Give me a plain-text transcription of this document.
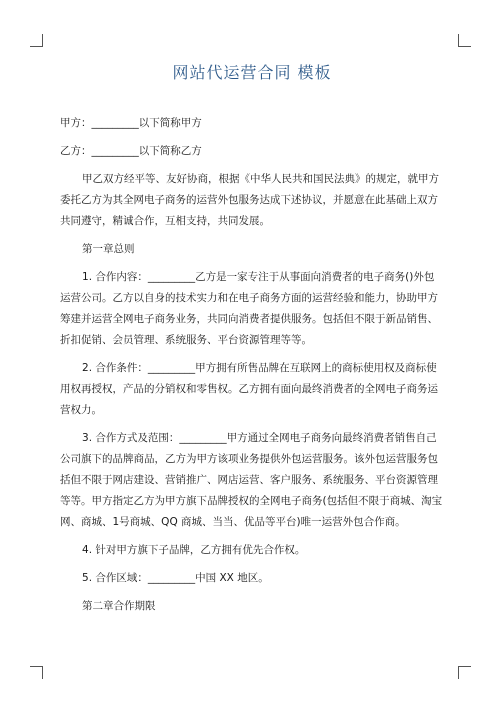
网站代运营合同 模板

甲方：_________以下简称甲方

乙方：_________以下简称乙方

甲乙双方经平等、友好协商，根据《中华人民共和国民法典》的规定，就甲方委托乙方为其全网电子商务的运营外包服务达成下述协议，并愿意在此基础上双方共同遵守，精诚合作，互相支持，共同发展。

第一章总则

1. 合作内容：_________乙方是一家专注于从事面向消费者的电子商务()外包运营公司。乙方以自身的技术实力和在电子商务方面的运营经验和能力，协助甲方筹建并运营全网电子商务业务，共同向消费者提供服务。包括但不限于新品销售、折扣促销、会员管理、系统服务、平台资源管理等等。

2. 合作条件：_________甲方拥有所售品牌在互联网上的商标使用权及商标使用权再授权，产品的分销权和零售权。乙方拥有面向最终消费者的全网电子商务运营权力。

3. 合作方式及范围：_________甲方通过全网电子商务向最终消费者销售自己公司旗下的品牌商品，乙方为甲方该项业务提供外包运营服务。该外包运营服务包括但不限于网店建设、营销推广、网店运营、客户服务、系统服务、平台资源管理等等。甲方指定乙方为甲方旗下品牌授权的全网电子商务(包括但不限于商城、淘宝网、商城、1号商城、QQ 商城、当当、优品等平台)唯一运营外包合作商。

4. 针对甲方旗下子品牌，乙方拥有优先合作权。

5. 合作区域：_________中国 XX 地区。

第二章合作期限
